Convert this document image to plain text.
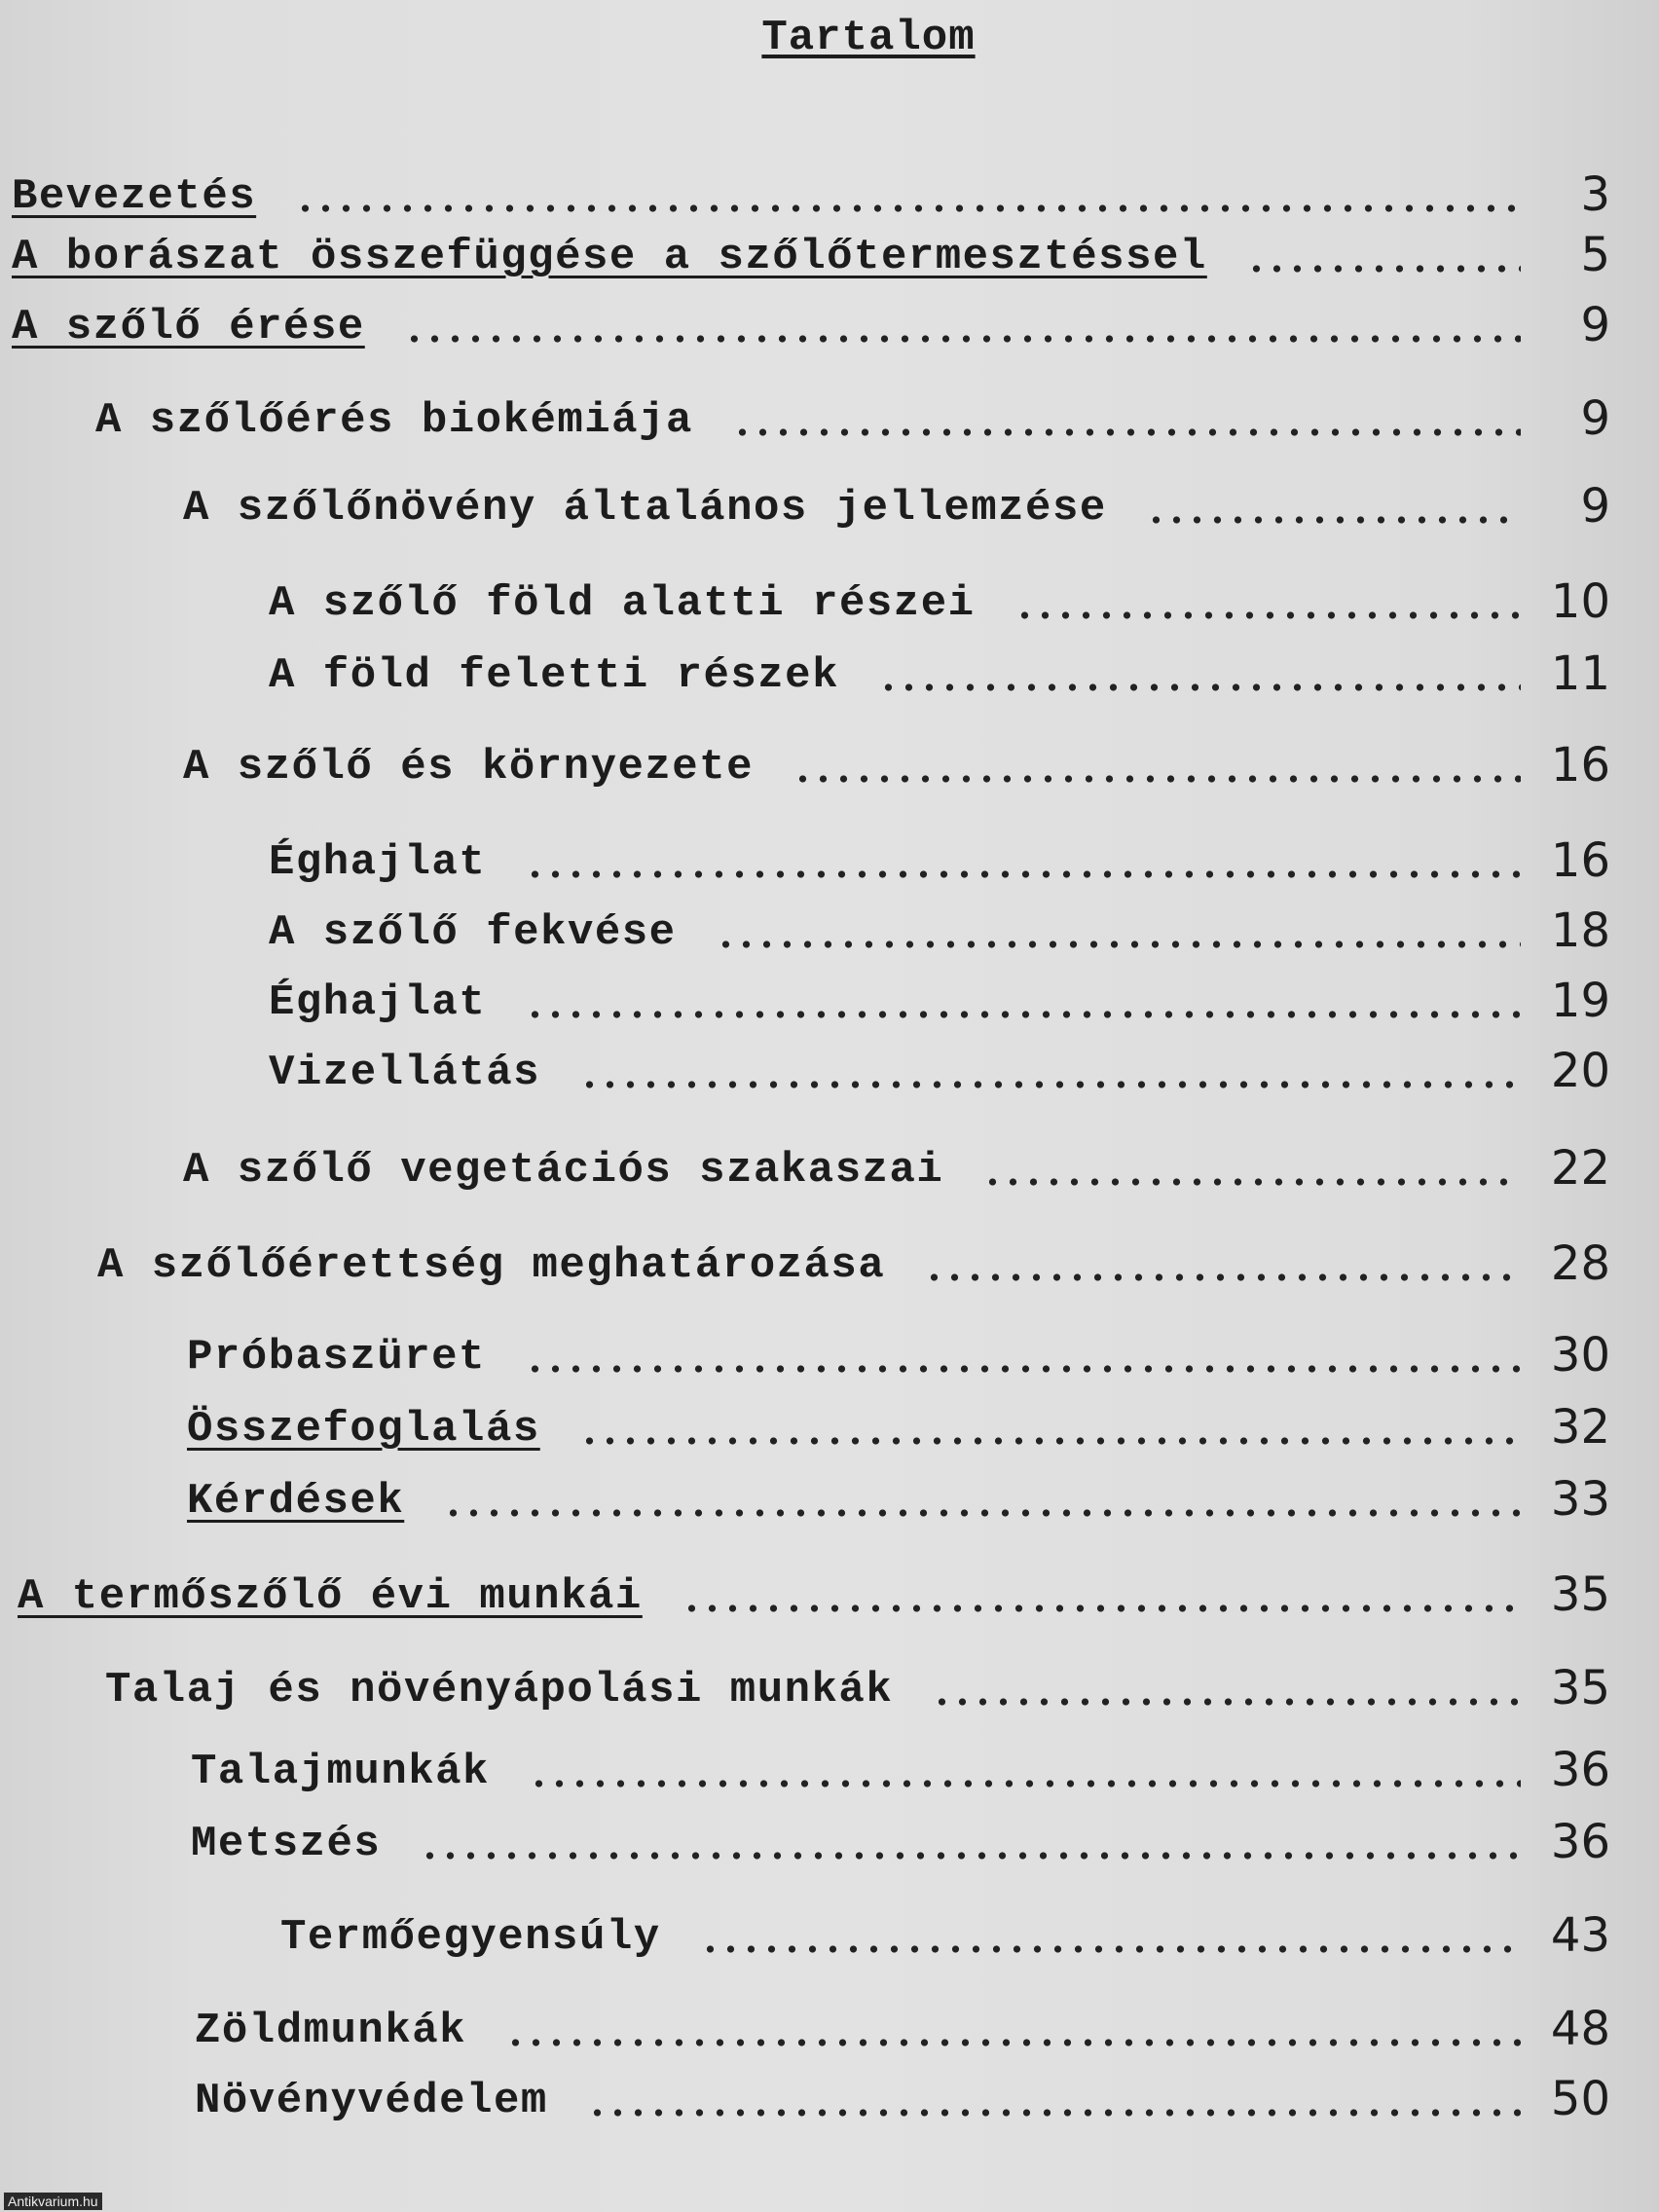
Tartalom
Bevezetés	3
A borászat összefüggése a szőlőtermesztéssel	5
A szőlő érése	9
A szőlőérés biokémiája	9
A szőlőnövény általános jellemzése	9
A szőlő föld alatti részei	10
A föld feletti részek	11
A szőlő és környezete	16
Éghajlat	16
A szőlő fekvése	18
Éghajlat	19
Vizellátás	20
A szőlő vegetációs szakaszai	22
A szőlőérettség meghatározása	28
Próbaszüret	30
Összefoglalás	32
Kérdések	33
A termőszőlő évi munkái	35
Talaj és növényápolási munkák	35
Talajmunkák	36
Metszés	36
Termőegyensúly	43
Zöldmunkák	48
Növényvédelem	50
Antikvarium.hu
